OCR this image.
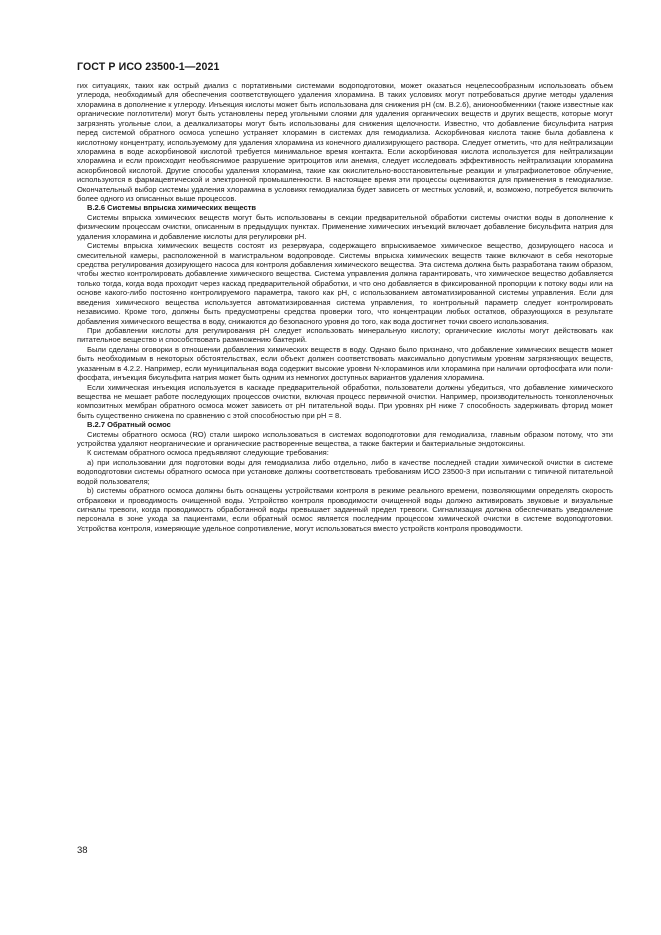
ГОСТ Р ИСО 23500-1—2021

гих ситуациях, таких как острый диализ с портативными системами водоподготовки, может оказаться нецелесообразным использовать объем углерода, необходимый для обеспечения соответствующего удаления хлорамина. В таких условиях могут потребоваться другие методы удаления хлорамина в дополнение к углероду. Инъекция кислоты может быть использована для снижения рН (см. В.2.6), анионообменники (также известные как органические поглотители) могут быть установлены перед угольными слоями для удаления органических веществ и других веществ, которые могут загрязнять угольные слои, а деалкализаторы могут быть использованы для снижения щелочности. Известно, что добавление бисульфита натрия перед системой обратного осмоса успешно устраняет хлорамин в системах для гемодиализа. Аскорбиновая кислота также была добавлена к кислотному концентрату, используемому для удаления хлорамина из конечного диализирующего раствора. Следует отметить, что для нейтрализации хлорамина в воде аскорбиновой кислотой требуется минимальное время контакта. Если аскорбиновая кислота используется для нейтрализации хлорамина и если происходит необъяснимое разрушение эритроцитов или анемия, следует исследовать эффективность нейтрализации хлорамина аскорбиновой кислотой. Другие способы удаления хлорамина, такие как окислительно-восстановительные реакции и ультрафиолетовое облучение, используются в фармацевтической и электронной промышленности. В настоящее время эти процессы оцениваются для применения в гемодиализе. Окончательный выбор системы удаления хлорамина в условиях гемодиализа будет зависеть от местных условий, и, возможно, потребуется включить более одного из описанных выше процессов.

В.2.6 Системы впрыска химических веществ

Системы впрыска химических веществ могут быть использованы в секции предварительной обработки системы очистки воды в дополнение к физическим процессам очистки, описанным в предыдущих пунктах. Применение химических инъекций включает добавление бисульфита натрия для удаления хлорамина и добавление кислоты для регулировки рН.

Системы впрыска химических веществ состоят из резервуара, содержащего впрыскиваемое химическое вещество, дозирующего насоса и смесительной камеры, расположенной в магистральном водопроводе. Системы впрыска химических веществ также включают в себя некоторые средства регулирования дозирующего насоса для контроля добавления химического вещества. Эта система должна быть разработана таким образом, чтобы жестко контролировать добавление химического вещества. Система управления должна гарантировать, что химическое вещество добавляется только тогда, когда вода проходит через каскад предварительной обработки, и что оно добавляется в фиксированной пропорции к потоку воды или на основе какого-либо постоянно контролируемого параметра, такого как рН, с использованием автоматизированной системы управления. Если для введения химического вещества используется автоматизированная система управления, то контрольный параметр следует контролировать независимо. Кроме того, должны быть предусмотрены средства проверки того, что концентрации любых остатков, образующихся в результате добавления химического вещества в воду, снижаются до безопасного уровня до того, как вода достигнет точки своего использования.

При добавлении кислоты для регулирования рН следует использовать минеральную кислоту; органические кислоты могут действовать как питательное вещество и способствовать размножению бактерий.

Были сделаны оговорки в отношении добавления химических веществ в воду. Однако было признано, что добавление химических веществ может быть необходимым в некоторых обстоятельствах, если объект должен соответствовать максимально допустимым уровням загрязняющих веществ, указанным в 4.2.2. Например, если муниципальная вода содержит высокие уровни N-хлораминов или хлорамина при наличии ортофосфата или полифосфата, инъекция бисульфита натрия может быть одним из немногих доступных вариантов удаления хлорамина.

Если химическая инъекция используется в каскаде предварительной обработки, пользователи должны убедиться, что добавление химического вещества не мешает работе последующих процессов очистки, включая процесс первичной очистки. Например, производительность тонкопленочных композитных мембран обратного осмоса может зависеть от рН питательной воды. При уровнях рН ниже 7 способность задерживать фторид может быть существенно снижена по сравнению с этой способностью при рН = 8.

В.2.7 Обратный осмос

Системы обратного осмоса (RO) стали широко использоваться в системах водоподготовки для гемодиализа, главным образом потому, что эти устройства удаляют неорганические и органические растворенные вещества, а также бактерии и бактериальные эндотоксины.

К системам обратного осмоса предъявляют следующие требования:

a) при использовании для подготовки воды для гемодиализа либо отдельно, либо в качестве последней стадии химической очистки в системе водоподготовки системы обратного осмоса при установке должны соответствовать требованиям ИСО 23500-3 при испытании с типичной питательной водой пользователя;

b) системы обратного осмоса должны быть оснащены устройствами контроля в режиме реального времени, позволяющими определять скорость отбраковки и проводимость очищенной воды. Устройство контроля проводимости очищенной воды должно активировать звуковые и визуальные сигналы тревоги, когда проводимость обработанной воды превышает заданный предел тревоги. Сигнализация должна обеспечивать уведомление персонала в зоне ухода за пациентами, если обратный осмос является последним процессом химической очистки в системе водоподготовки. Устройства контроля, измеряющие удельное сопротивление, могут использоваться вместо устройств контроля проводимости.

38
